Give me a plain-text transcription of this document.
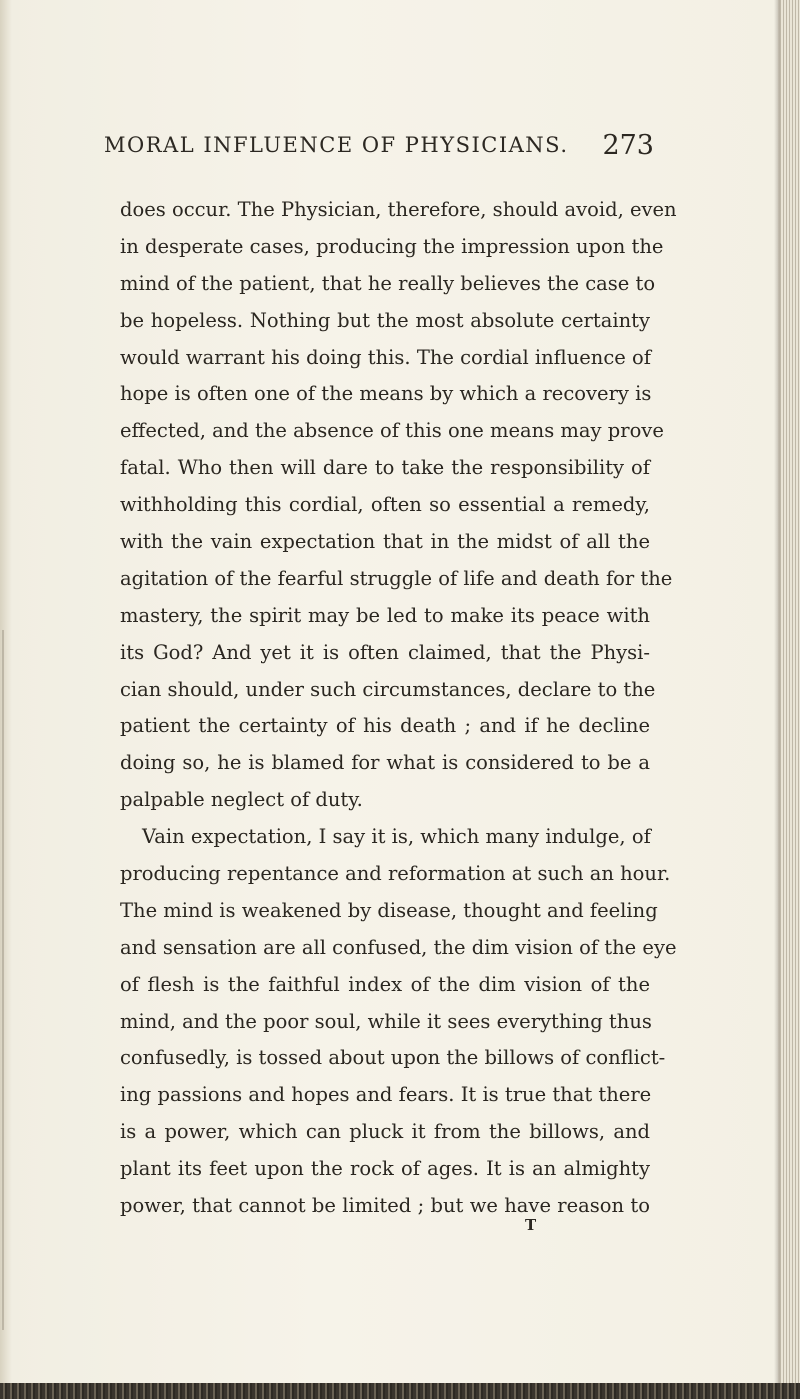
MORAL INFLUENCE OF PHYSICIANS. 273
does occur. The Physician, therefore, should avoid, even
in desperate cases, producing the impression upon the
mind of the patient, that he really believes the case to
be hopeless. Nothing but the most absolute certainty
would warrant his doing this. The cordial influence of
hope is often one of the means by which a recovery is
effected, and the absence of this one means may prove
fatal. Who then will dare to take the responsibility of
withholding this cordial, often so essential a remedy,
with the vain expectation that in the midst of all the
agitation of the fearful struggle of life and death for the
mastery, the spirit may be led to make its peace with
its God? And yet it is often claimed, that the Physi-
cian should, under such circumstances, declare to the
patient the certainty of his death ; and if he decline
doing so, he is blamed for what is considered to be a
palpable neglect of duty.
Vain expectation, I say it is, which many indulge, of
producing repentance and reformation at such an hour.
The mind is weakened by disease, thought and feeling
and sensation are all confused, the dim vision of the eye
of flesh is the faithful index of the dim vision of the
mind, and the poor soul, while it sees everything thus
confusedly, is tossed about upon the billows of conflict-
ing passions and hopes and fears. It is true that there
is a power, which can pluck it from the billows, and
plant its feet upon the rock of ages. It is an almighty
power, that cannot be limited ; but we have reason to
T
